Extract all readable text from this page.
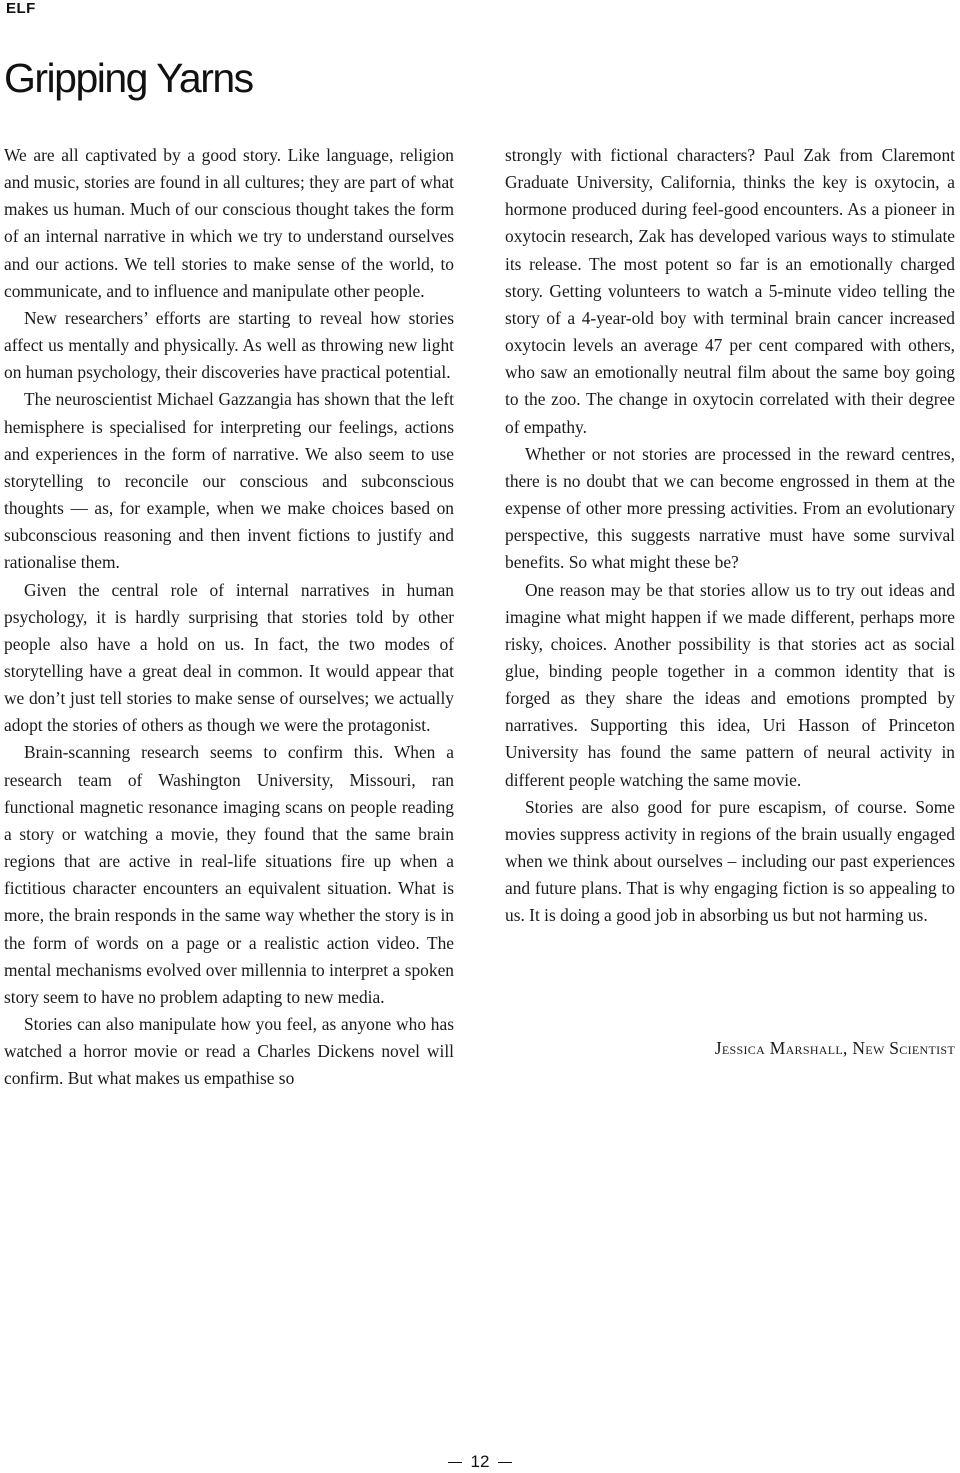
ELF
Gripping Yarns

We are all captivated by a good story. Like language, religion and music, stories are found in all cultures; they are part of what makes us human. Much of our conscious thought takes the form of an internal narrative in which we try to understand ourselves and our actions. We tell stories to make sense of the world, to communicate, and to influence and manipulate other people.

New researchers’ efforts are starting to reveal how stories affect us mentally and physically. As well as throwing new light on human psychology, their discoveries have practical potential.

The neuroscientist Michael Gazzangia has shown that the left hemisphere is specialised for interpreting our feelings, actions and experiences in the form of narrative. We also seem to use storytelling to reconcile our conscious and subconscious thoughts — as, for example, when we make choices based on subconscious reasoning and then invent fictions to justify and rationalise them.

Given the central role of internal narratives in human psychology, it is hardly surprising that stories told by other people also have a hold on us. In fact, the two modes of storytelling have a great deal in common. It would appear that we don’t just tell stories to make sense of ourselves; we actually adopt the stories of others as though we were the protagonist.

Brain-scanning research seems to confirm this. When a research team of Washington University, Missouri, ran functional magnetic resonance imaging scans on people reading a story or watching a movie, they found that the same brain regions that are active in real-life situations fire up when a fictitious character encounters an equivalent situation. What is more, the brain responds in the same way whether the story is in the form of words on a page or a realistic action video. The mental mechanisms evolved over millennia to interpret a spoken story seem to have no problem adapting to new media.

Stories can also manipulate how you feel, as anyone who has watched a horror movie or read a Charles Dickens novel will confirm. But what makes us empathise so

strongly with fictional characters? Paul Zak from Claremont Graduate University, California, thinks the key is oxytocin, a hormone produced during feel-good encounters. As a pioneer in oxytocin research, Zak has developed various ways to stimulate its release. The most potent so far is an emotionally charged story. Getting volunteers to watch a 5-minute video telling the story of a 4-year-old boy with terminal brain cancer increased oxytocin levels an average 47 per cent compared with others, who saw an emotionally neutral film about the same boy going to the zoo. The change in oxytocin correlated with their degree of empathy.

Whether or not stories are processed in the reward centres, there is no doubt that we can become engrossed in them at the expense of other more pressing activities. From an evolutionary perspective, this suggests narrative must have some survival benefits. So what might these be?

One reason may be that stories allow us to try out ideas and imagine what might happen if we made different, perhaps more risky, choices. Another possibility is that stories act as social glue, binding people together in a common identity that is forged as they share the ideas and emotions prompted by narratives. Supporting this idea, Uri Hasson of Princeton University has found the same pattern of neural activity in different people watching the same movie.

Stories are also good for pure escapism, of course. Some movies suppress activity in regions of the brain usually engaged when we think about ourselves – including our past experiences and future plans. That is why engaging fiction is so appealing to us. It is doing a good job in absorbing us but not harming us.

Jessica Marshall, New Scientist
12
